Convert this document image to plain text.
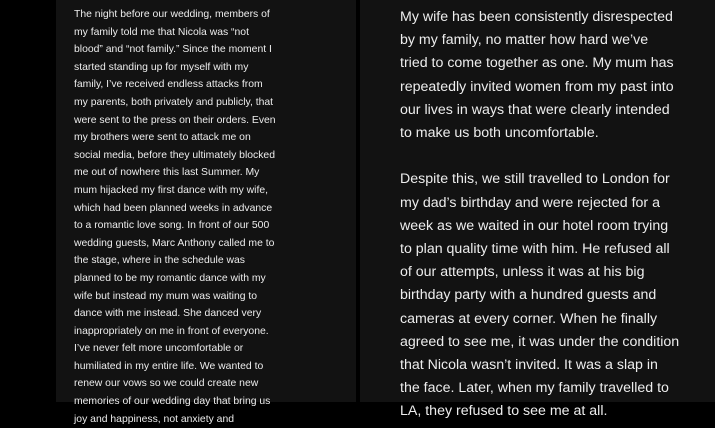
The night before our wedding, members of
my family told me that Nicola was “not
blood” and “not family.” Since the moment I
started standing up for myself with my
family, I’ve received endless attacks from
my parents, both privately and publicly, that
were sent to the press on their orders. Even
my brothers were sent to attack me on
social media, before they ultimately blocked
me out of nowhere this last Summer. My
mum hijacked my first dance with my wife,
which had been planned weeks in advance
to a romantic love song. In front of our 500
wedding guests, Marc Anthony called me to
the stage, where in the schedule was
planned to be my romantic dance with my
wife but instead my mum was waiting to
dance with me instead. She danced very
inappropriately on me in front of everyone.
I’ve never felt more uncomfortable or
humiliated in my entire life. We wanted to
renew our vows so we could create new
memories of our wedding day that bring us
joy and happiness, not anxiety and
My wife has been consistently disrespected
by my family, no matter how hard we’ve
tried to come together as one. My mum has
repeatedly invited women from my past into
our lives in ways that were clearly intended
to make us both uncomfortable.
Despite this, we still travelled to London for
my dad’s birthday and were rejected for a
week as we waited in our hotel room trying
to plan quality time with him. He refused all
of our attempts, unless it was at his big
birthday party with a hundred guests and
cameras at every corner. When he finally
agreed to see me, it was under the condition
that Nicola wasn’t invited. It was a slap in
the face. Later, when my family travelled to
LA, they refused to see me at all.
